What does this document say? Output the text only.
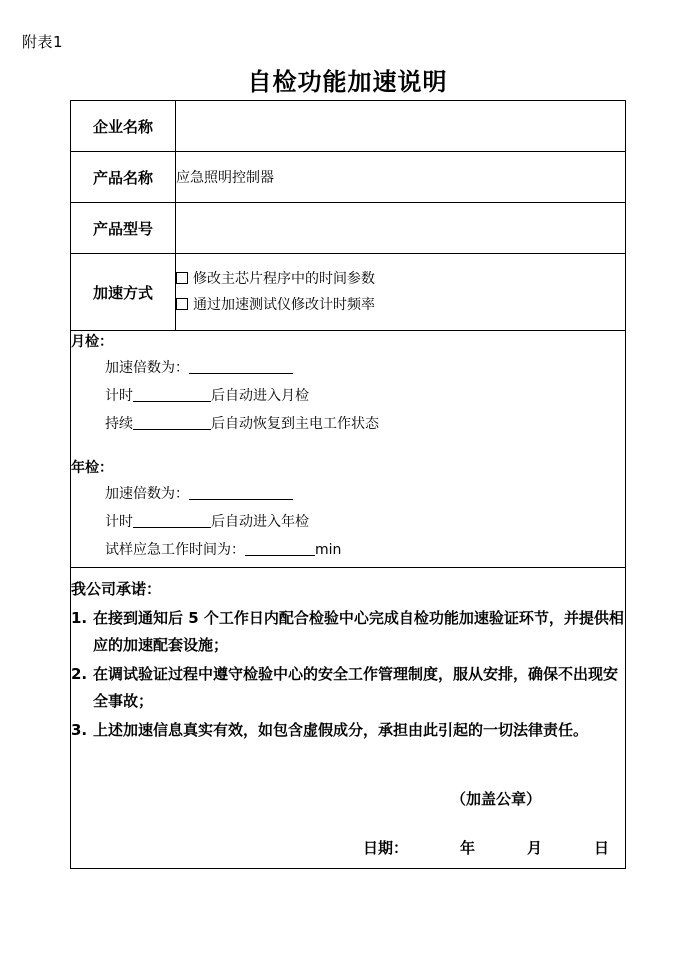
附表1
自检功能加速说明
企业名称	
产品名称	应急照明控制器
产品型号	
加速方式	修改主芯片程序中的时间参数
通过加速测试仪修改计时频率

月检：

加速倍数为：

计时	后自动进入月检

持续	后自动恢复到主电工作状态

年检：

加速倍数为：

计时	后自动进入年检

试样应急工作时间为：	min

我公司承诺：

1. 在接到通知后 5 个工作日内配合检验中心完成自检功能加速验证环节，并提供相应的加速配套设施；
2. 在调试验证过程中遵守检验中心的安全工作管理制度，服从安排，确保不出现安全事故；
3. 上述加速信息真实有效，如包含虚假成分，承担由此引起的一切法律责任。
（加盖公章）
日期：	年	月	日
